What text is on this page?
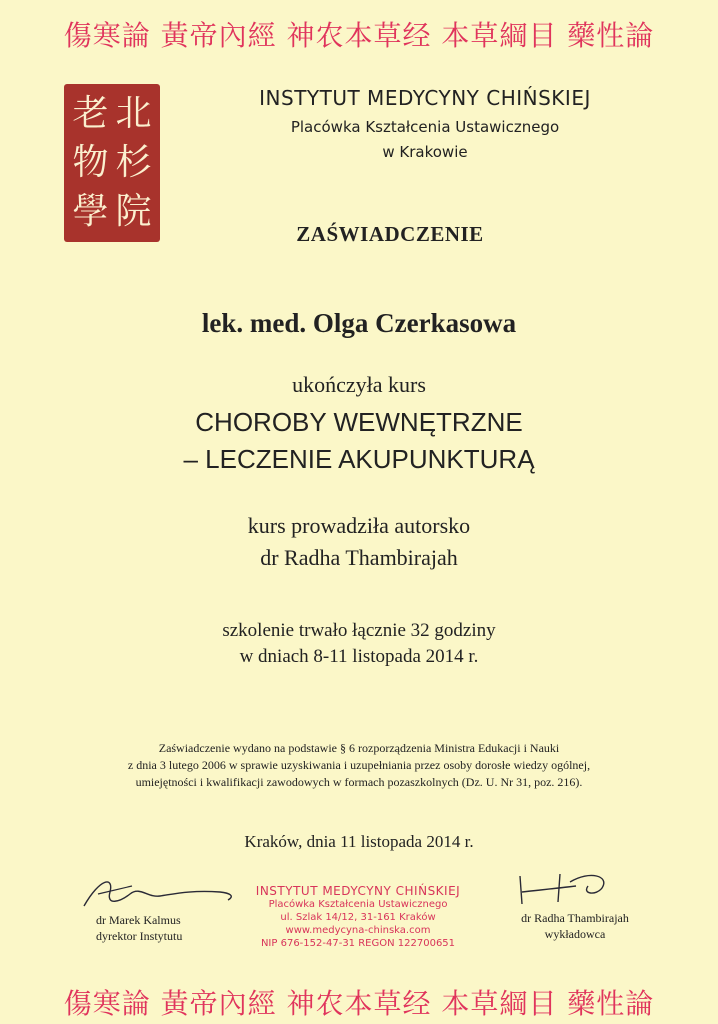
傷寒論 黃帝內經 神农本草经 本草綱目 藥性論
老 北
物 杉
學 院
INSTYTUT MEDYCYNY CHIŃSKIEJ
Placówka Kształcenia Ustawicznego
w Krakowie
ZAŚWIADCZENIE
lek. med. Olga Czerkasowa
ukończyła kurs
CHOROBY WEWNĘTRZNE
– LECZENIE AKUPUNKTURĄ
kurs prowadziła autorsko
dr Radha Thambirajah
szkolenie trwało łącznie 32 godziny
w dniach 8-11 listopada 2014 r.
Zaświadczenie wydano na podstawie § 6 rozporządzenia Ministra Edukacji i Nauki
z dnia 3 lutego 2006 w sprawie uzyskiwania i uzupełniania przez osoby dorosłe wiedzy ogólnej,
umiejętności i kwalifikacji zawodowych w formach pozaszkolnych (Dz. U. Nr 31, poz. 216).
Kraków, dnia 11 listopada 2014 r.
dr Marek Kalmus
dyrektor Instytutu
INSTYTUT MEDYCYNY CHIŃSKIEJ
Placówka Kształcenia Ustawicznego
ul. Szlak 14/12, 31-161 Kraków
www.medycyna-chinska.com
NIP 676-152-47-31 REGON 122700651
dr Radha Thambirajah
wykładowca
傷寒論 黃帝內經 神农本草经 本草綱目 藥性論
